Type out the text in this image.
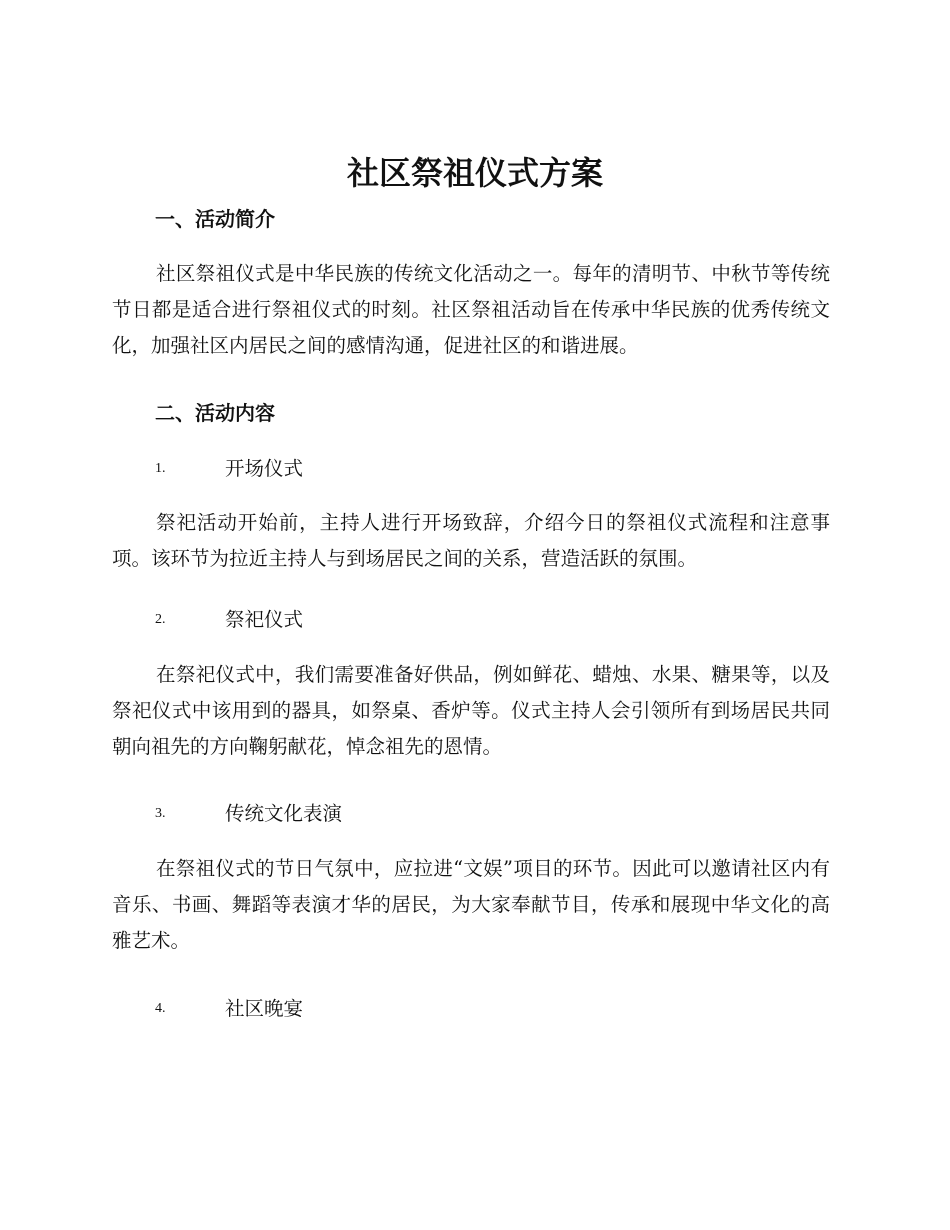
社区祭祖仪式方案
一、活动简介

社区祭祖仪式是中华民族的传统文化活动之一。每年的清明节、中秋节等传统节日都是适合进行祭祖仪式的时刻。社区祭祖活动旨在传承中华民族的优秀传统文化，加强社区内居民之间的感情沟通，促进社区的和谐进展。

二、活动内容
1.	开场仪式

祭祀活动开始前，主持人进行开场致辞，介绍今日的祭祖仪式流程和注意事项。该环节为拉近主持人与到场居民之间的关系，营造活跃的氛围。

2.	祭祀仪式

在祭祀仪式中，我们需要准备好供品，例如鲜花、蜡烛、水果、糖果等，以及祭祀仪式中该用到的器具，如祭桌、香炉等。仪式主持人会引领所有到场居民共同朝向祖先的方向鞠躬献花，悼念祖先的恩情。

3.	传统文化表演

在祭祖仪式的节日气氛中，应拉进“文娱”项目的环节。因此可以邀请社区内有音乐、书画、舞蹈等表演才华的居民，为大家奉献节目，传承和展现中华文化的高雅艺术。

4.	社区晚宴
